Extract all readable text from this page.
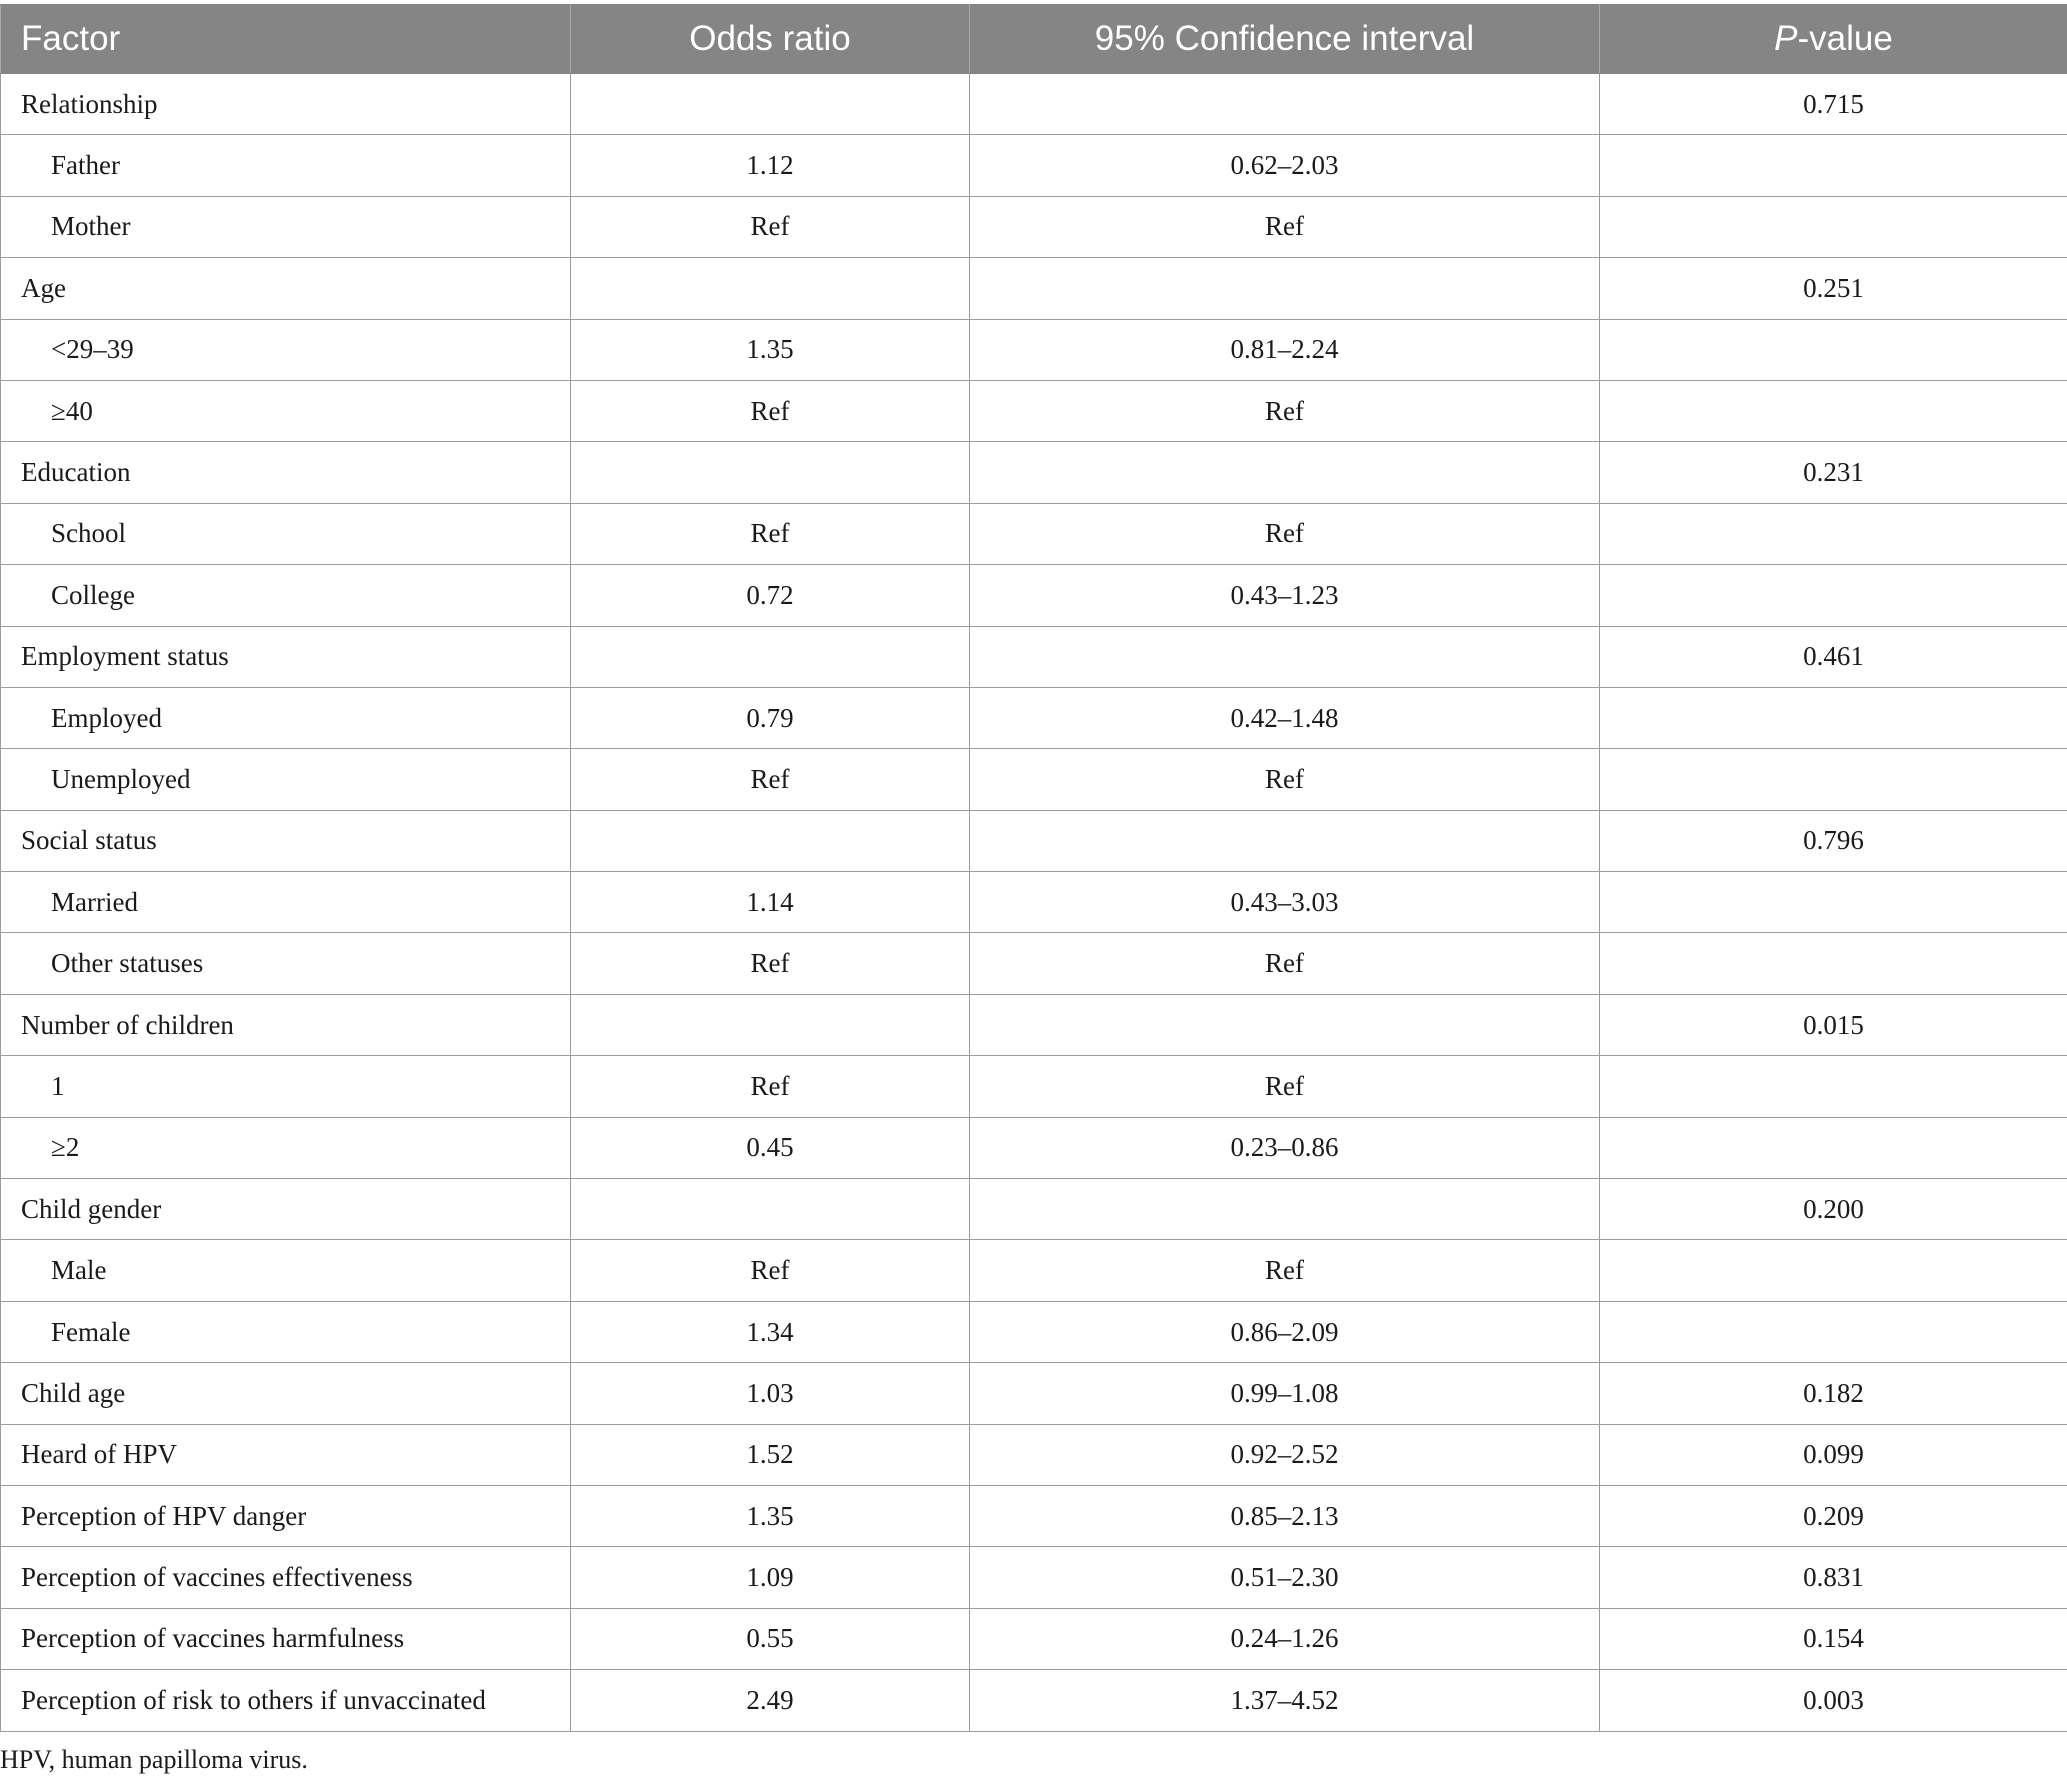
Factor	Odds ratio	95% Confidence interval	P-value
Relationship			0.715
Father	1.12	0.62–2.03	
Mother	Ref	Ref	
Age			0.251
<29–39	1.35	0.81–2.24	
≥40	Ref	Ref	
Education			0.231
School	Ref	Ref	
College	0.72	0.43–1.23	
Employment status			0.461
Employed	0.79	0.42–1.48	
Unemployed	Ref	Ref	
Social status			0.796
Married	1.14	0.43–3.03	
Other statuses	Ref	Ref	
Number of children			0.015
1	Ref	Ref	
≥2	0.45	0.23–0.86	
Child gender			0.200
Male	Ref	Ref	
Female	1.34	0.86–2.09	
Child age	1.03	0.99–1.08	0.182
Heard of HPV	1.52	0.92–2.52	0.099
Perception of HPV danger	1.35	0.85–2.13	0.209
Perception of vaccines effectiveness	1.09	0.51–2.30	0.831
Perception of vaccines harmfulness	0.55	0.24–1.26	0.154
Perception of risk to others if unvaccinated	2.49	1.37–4.52	0.003
HPV, human papilloma virus.
